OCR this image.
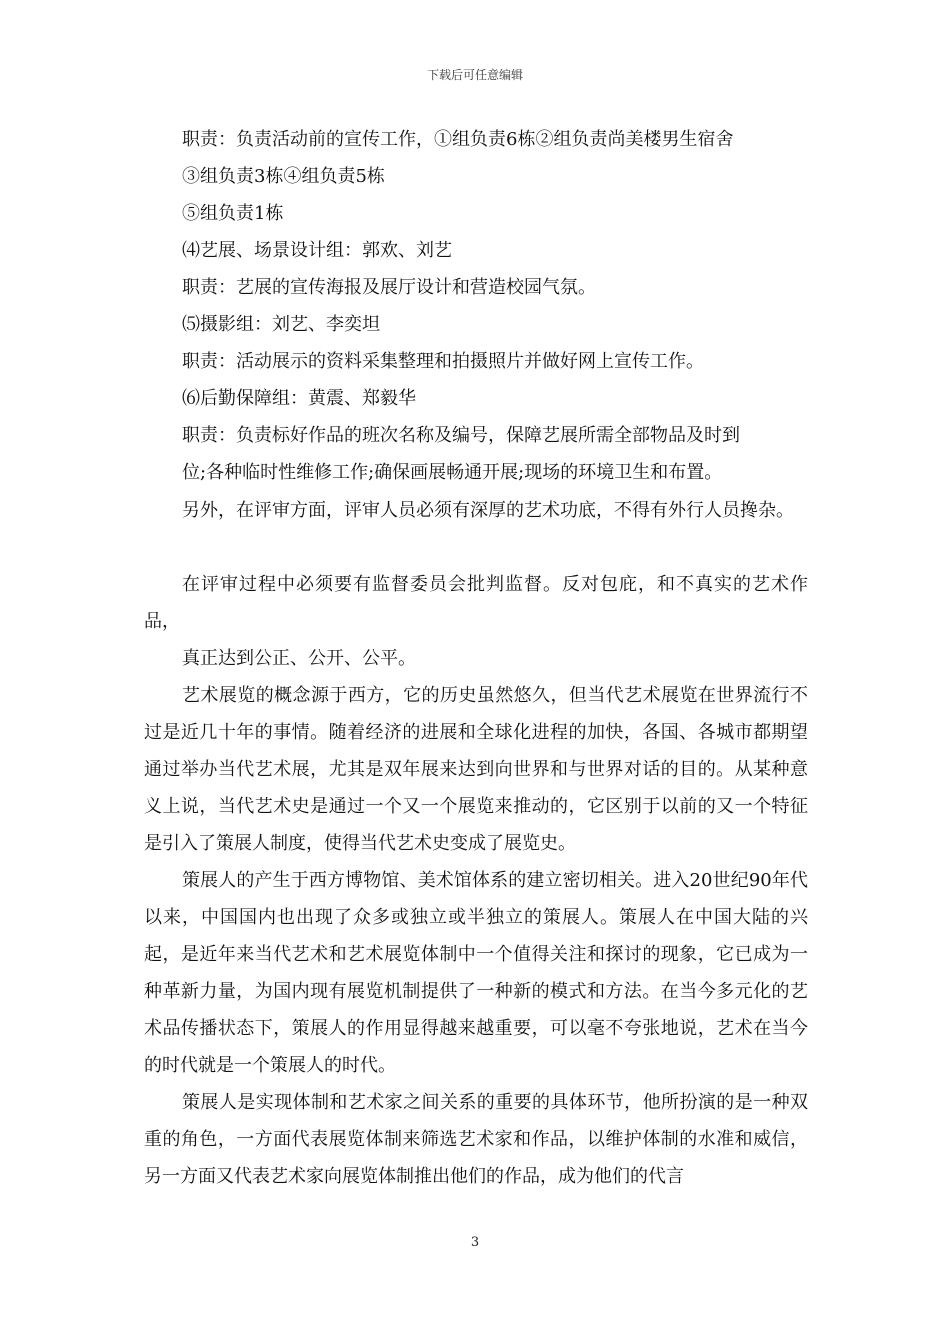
下载后可任意编辑
职责：负责活动前的宣传工作，①组负责6栋②组负责尚美楼男生宿舍
③组负责3栋④组负责5栋
⑤组负责1栋
⑷艺展、场景设计组：郭欢、刘艺
职责：艺展的宣传海报及展厅设计和营造校园气氛。
⑸摄影组：刘艺、李奕坦
职责：活动展示的资料采集整理和拍摄照片并做好网上宣传工作。
⑹后勤保障组：黄震、郑毅华
职责：负责标好作品的班次名称及编号，保障艺展所需全部物品及时到
位;各种临时性维修工作;确保画展畅通开展;现场的环境卫生和布置。
另外，在评审方面，评审人员必须有深厚的艺术功底，不得有外行人员搀杂。
在评审过程中必须要有监督委员会批判监督。反对包庇，和不真实的艺术作品，
真正达到公正、公开、公平。
艺术展览的概念源于西方，它的历史虽然悠久，但当代艺术展览在世界流行不过是近几十年的事情。随着经济的进展和全球化进程的加快，各国、各城市都期望通过举办当代艺术展，尤其是双年展来达到向世界和与世界对话的目的。从某种意义上说，当代艺术史是通过一个又一个展览来推动的，它区别于以前的又一个特征是引入了策展人制度，使得当代艺术史变成了展览史。
策展人的产生于西方博物馆、美术馆体系的建立密切相关。进入20世纪90年代以来，中国国内也出现了众多或独立或半独立的策展人。策展人在中国大陆的兴起，是近年来当代艺术和艺术展览体制中一个值得关注和探讨的现象，它已成为一种革新力量，为国内现有展览机制提供了一种新的模式和方法。在当今多元化的艺术品传播状态下，策展人的作用显得越来越重要，可以毫不夸张地说，艺术在当今的时代就是一个策展人的时代。
策展人是实现体制和艺术家之间关系的重要的具体环节，他所扮演的是一种双重的角色，一方面代表展览体制来筛选艺术家和作品，以维护体制的水准和威信，另一方面又代表艺术家向展览体制推出他们的作品，成为他们的代言
3
